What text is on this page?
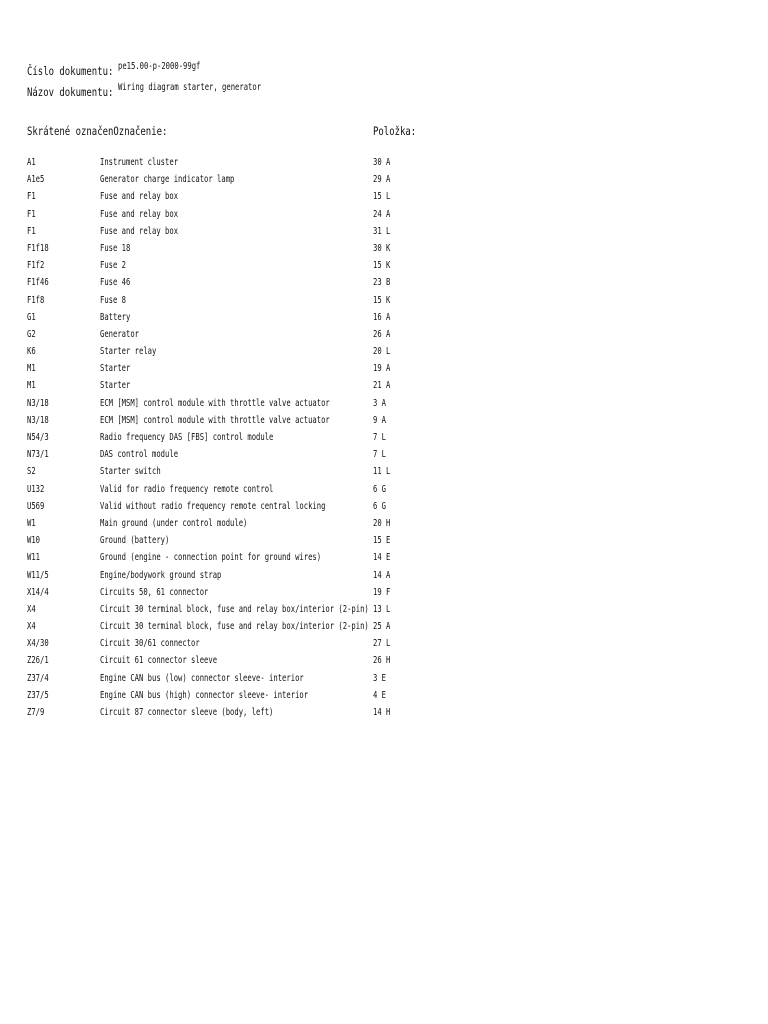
Číslo dokumentu: pe15.00-p-2000-99gf
Názov dokumentu: Wiring diagram starter, generator
Skrátené označenOznačenie:	Položka:
A1	Instrument cluster	30 A
A1e5	Generator charge indicator lamp	29 A
F1	Fuse and relay box	15 L
F1	Fuse and relay box	24 A
F1	Fuse and relay box	31 L
F1f18	Fuse 18	30 K
F1f2	Fuse 2	15 K
F1f46	Fuse 46	23 B
F1f8	Fuse 8	15 K
G1	Battery	16 A
G2	Generator	26 A
K6	Starter relay	20 L
M1	Starter	19 A
M1	Starter	21 A
N3/18	ECM [MSM] control module with throttle valve actuator	3 A
N3/18	ECM [MSM] control module with throttle valve actuator	9 A
N54/3	Radio frequency DAS [FBS] control module	7 L
N73/1	DAS control module	7 L
S2	Starter switch	11 L
U132	Valid for radio frequency remote control	6 G
U569	Valid without radio frequency remote central locking	6 G
W1	Main ground (under control module)	20 H
W10	Ground (battery)	15 E
W11	Ground (engine - connection point for ground wires)	14 E
W11/5	Engine/bodywork ground strap	14 A
X14/4	Circuits 50, 61 connector	19 F
X4	Circuit 30 terminal block, fuse and relay box/interior (2-pin) 13 L
X4	Circuit 30 terminal block, fuse and relay box/interior (2-pin) 25 A
X4/30	Circuit 30/61 connector	27 L
Z26/1	Circuit 61 connector sleeve	26 H
Z37/4	Engine CAN bus (low) connector sleeve- interior	3 E
Z37/5	Engine CAN bus (high) connector sleeve- interior	4 E
Z7/9	Circuit 87 connector sleeve (body, left)	14 H
